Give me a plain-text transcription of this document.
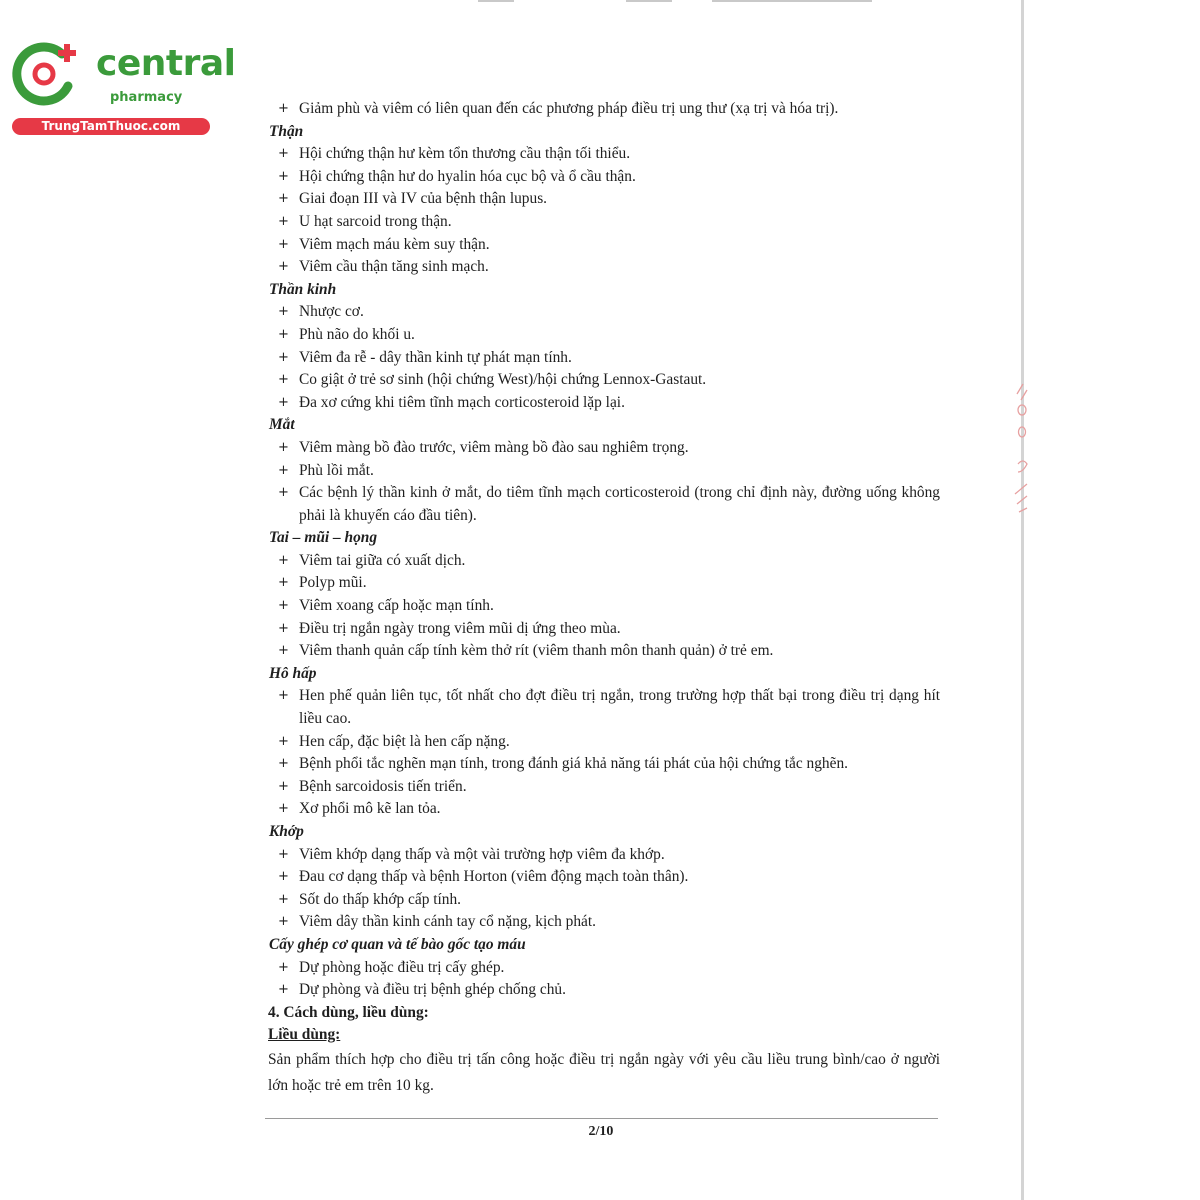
central
pharmacy
TrungTamThuoc.com
+ Giảm phù và viêm có liên quan đến các phương pháp điều trị ung thư (xạ trị và hóa trị).
Thận
+ Hội chứng thận hư kèm tổn thương cầu thận tối thiểu.
+ Hội chứng thận hư do hyalin hóa cục bộ và ổ cầu thận.
+ Giai đoạn III và IV của bệnh thận lupus.
+ U hạt sarcoid trong thận.
+ Viêm mạch máu kèm suy thận.
+ Viêm cầu thận tăng sinh mạch.
Thần kinh
+ Nhược cơ.
+ Phù não do khối u.
+ Viêm đa rễ - dây thần kinh tự phát mạn tính.
+ Co giật ở trẻ sơ sinh (hội chứng West)/hội chứng Lennox-Gastaut.
+ Đa xơ cứng khi tiêm tĩnh mạch corticosteroid lặp lại.
Mắt
+ Viêm màng bồ đào trước, viêm màng bồ đào sau nghiêm trọng.
+ Phù lồi mắt.
+ Các bệnh lý thần kinh ở mắt, do tiêm tĩnh mạch corticosteroid (trong chỉ định này, đường uống không phải là khuyến cáo đầu tiên).
Tai – mũi – họng
+ Viêm tai giữa có xuất dịch.
+ Polyp mũi.
+ Viêm xoang cấp hoặc mạn tính.
+ Điều trị ngắn ngày trong viêm mũi dị ứng theo mùa.
+ Viêm thanh quản cấp tính kèm thở rít (viêm thanh môn thanh quản) ở trẻ em.
Hô hấp
+ Hen phế quản liên tục, tốt nhất cho đợt điều trị ngắn, trong trường hợp thất bại trong điều trị dạng hít liều cao.
+ Hen cấp, đặc biệt là hen cấp nặng.
+ Bệnh phổi tắc nghẽn mạn tính, trong đánh giá khả năng tái phát của hội chứng tắc nghẽn.
+ Bệnh sarcoidosis tiến triển.
+ Xơ phổi mô kẽ lan tỏa.
Khớp
+ Viêm khớp dạng thấp và một vài trường hợp viêm đa khớp.
+ Đau cơ dạng thấp và bệnh Horton (viêm động mạch toàn thân).
+ Sốt do thấp khớp cấp tính.
+ Viêm dây thần kinh cánh tay cổ nặng, kịch phát.
Cấy ghép cơ quan và tế bào gốc tạo máu
+ Dự phòng hoặc điều trị cấy ghép.
+ Dự phòng và điều trị bệnh ghép chống chủ.
4. Cách dùng, liều dùng:
Liều dùng:
Sản phẩm thích hợp cho điều trị tấn công hoặc điều trị ngắn ngày với yêu cầu liều trung bình/cao ở người lớn hoặc trẻ em trên 10 kg.
2/10
